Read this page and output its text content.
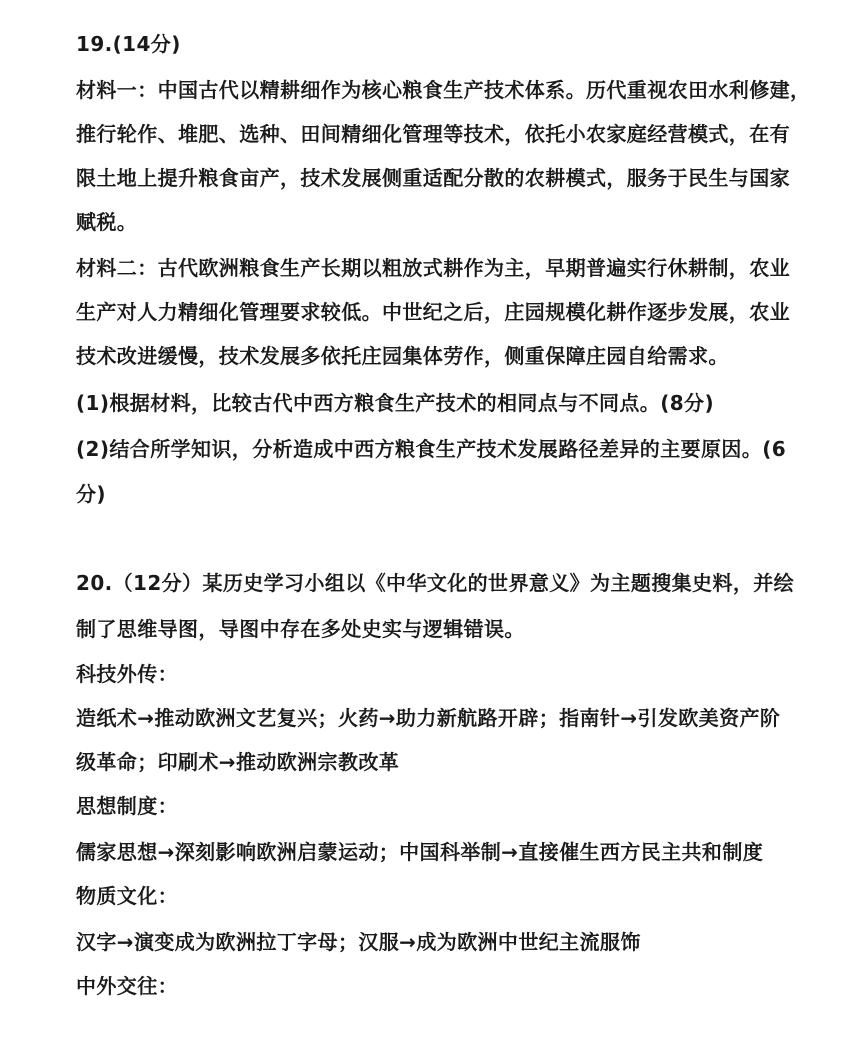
19.(14分)
材料一：中国古代以精耕细作为核心粮食生产技术体系。历代重视农田水利修建，
推行轮作、堆肥、选种、田间精细化管理等技术，依托小农家庭经营模式，在有
限土地上提升粮食亩产，技术发展侧重适配分散的农耕模式，服务于民生与国家
赋税。
材料二：古代欧洲粮食生产长期以粗放式耕作为主，早期普遍实行休耕制，农业
生产对人力精细化管理要求较低。中世纪之后，庄园规模化耕作逐步发展，农业
技术改进缓慢，技术发展多依托庄园集体劳作，侧重保障庄园自给需求。
(1)根据材料，比较古代中西方粮食生产技术的相同点与不同点。(8分)
(2)结合所学知识，分析造成中西方粮食生产技术发展路径差异的主要原因。(6
分)
20.（12分）某历史学习小组以《中华文化的世界意义》为主题搜集史料，并绘
制了思维导图，导图中存在多处史实与逻辑错误。
科技外传：
造纸术→推动欧洲文艺复兴；火药→助力新航路开辟；指南针→引发欧美资产阶
级革命；印刷术→推动欧洲宗教改革
思想制度：
儒家思想→深刻影响欧洲启蒙运动；中国科举制→直接催生西方民主共和制度
物质文化：
汉字→演变成为欧洲拉丁字母；汉服→成为欧洲中世纪主流服饰
中外交往：
